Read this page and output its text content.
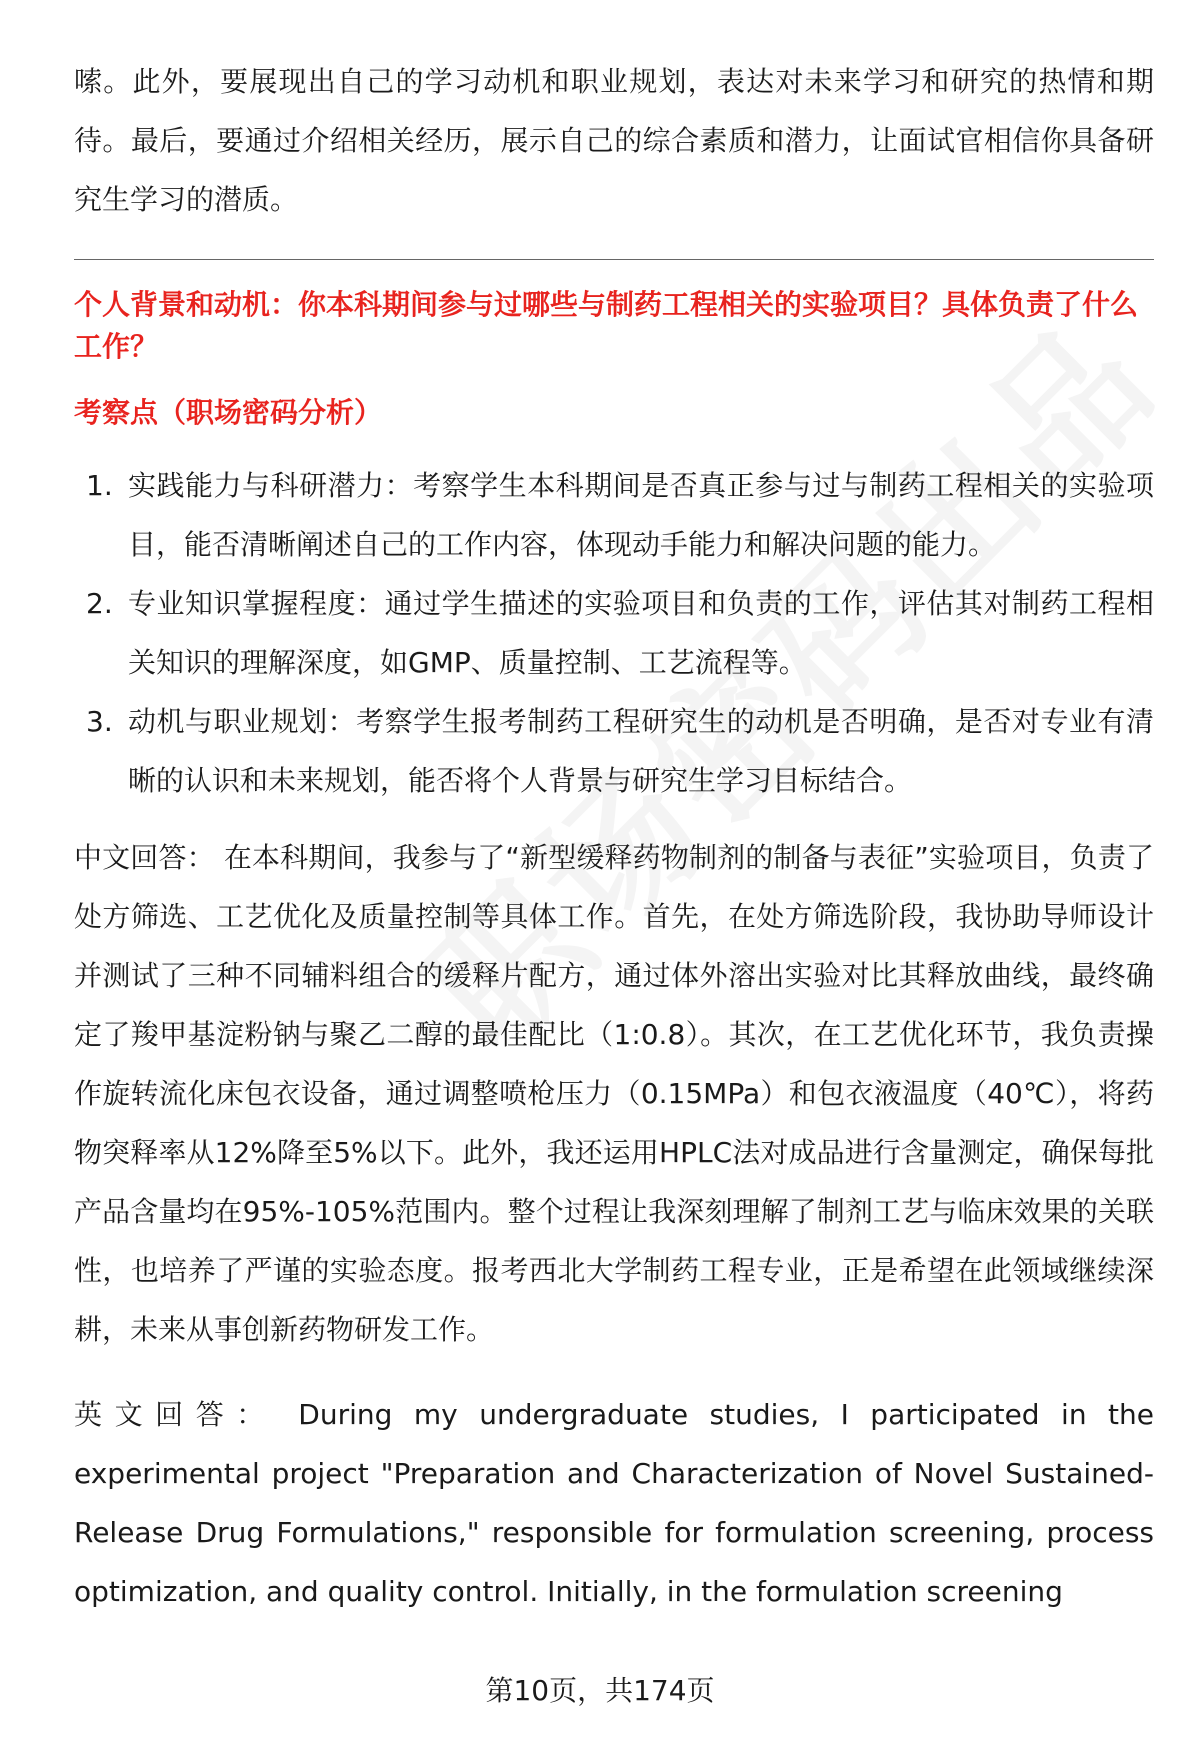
嗦。此外，要展现出自己的学习动机和职业规划，表达对未来学习和研究的热情和期待。最后，要通过介绍相关经历，展示自己的综合素质和潜力，让面试官相信你具备研究生学习的潜质。

个人背景和动机：你本科期间参与过哪些与制药工程相关的实验项目？具体负责了什么工作？

考察点（职场密码分析）

1. 实践能力与科研潜力：考察学生本科期间是否真正参与过与制药工程相关的实验项目，能否清晰阐述自己的工作内容，体现动手能力和解决问题的能力。
2. 专业知识掌握程度：通过学生描述的实验项目和负责的工作，评估其对制药工程相关知识的理解深度，如GMP、质量控制、工艺流程等。
3. 动机与职业规划：考察学生报考制药工程研究生的动机是否明确，是否对专业有清晰的认识和未来规划，能否将个人背景与研究生学习目标结合。

中文回答： 在本科期间，我参与了“新型缓释药物制剂的制备与表征”实验项目，负责了处方筛选、工艺优化及质量控制等具体工作。首先，在处方筛选阶段，我协助导师设计并测试了三种不同辅料组合的缓释片配方，通过体外溶出实验对比其释放曲线，最终确定了羧甲基淀粉钠与聚乙二醇的最佳配比（1:0.8）。其次，在工艺优化环节，我负责操作旋转流化床包衣设备，通过调整喷枪压力（0.15MPa）和包衣液温度（40℃），将药物突释率从12%降至5%以下。此外，我还运用HPLC法对成品进行含量测定，确保每批产品含量均在95%-105%范围内。整个过程让我深刻理解了制剂工艺与临床效果的关联性，也培养了严谨的实验态度。报考西北大学制药工程专业，正是希望在此领域继续深耕，未来从事创新药物研发工作。

英文回答： During my undergraduate studies, I participated in the experimental project "Preparation and Characterization of Novel Sustained-Release Drug Formulations," responsible for formulation screening, process optimization, and quality control. Initially, in the formulation screening

第10页，共174页
